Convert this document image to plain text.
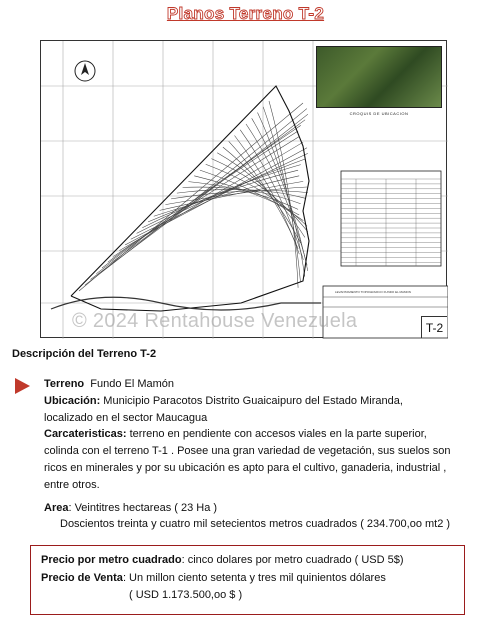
Planos Terreno T-2
CROQUIS DE UBICACION
LEVANTAMIENTO TOPOGRAFICO FUNDO EL MAMON
T-2
© 2024 Rentahouse Venezuela
Descripción del Terreno T-2
Terreno Fundo El Mamón
Ubicación: Municipio Paracotos Distrito Guaicaipuro del Estado Miranda,
localizado en el sector Maucagua
Carcateristicas: terreno en pendiente con accesos viales en la parte superior,
colinda con el terreno T-1 . Posee una gran variedad de vegetación, sus suelos son
ricos en minerales y por su ubicación es apto para el cultivo, ganaderia, industrial ,
entre otros.
Area: Veintitres hectareas ( 23 Ha )
Doscientos treinta y cuatro mil setecientos metros cuadrados ( 234.700,oo mt2 )
Precio por metro cuadrado: cinco dolares por metro cuadrado ( USD 5$)
Precio de Venta: Un millon ciento setenta y tres mil quinientos dólares
( USD 1.173.500,oo $ )
